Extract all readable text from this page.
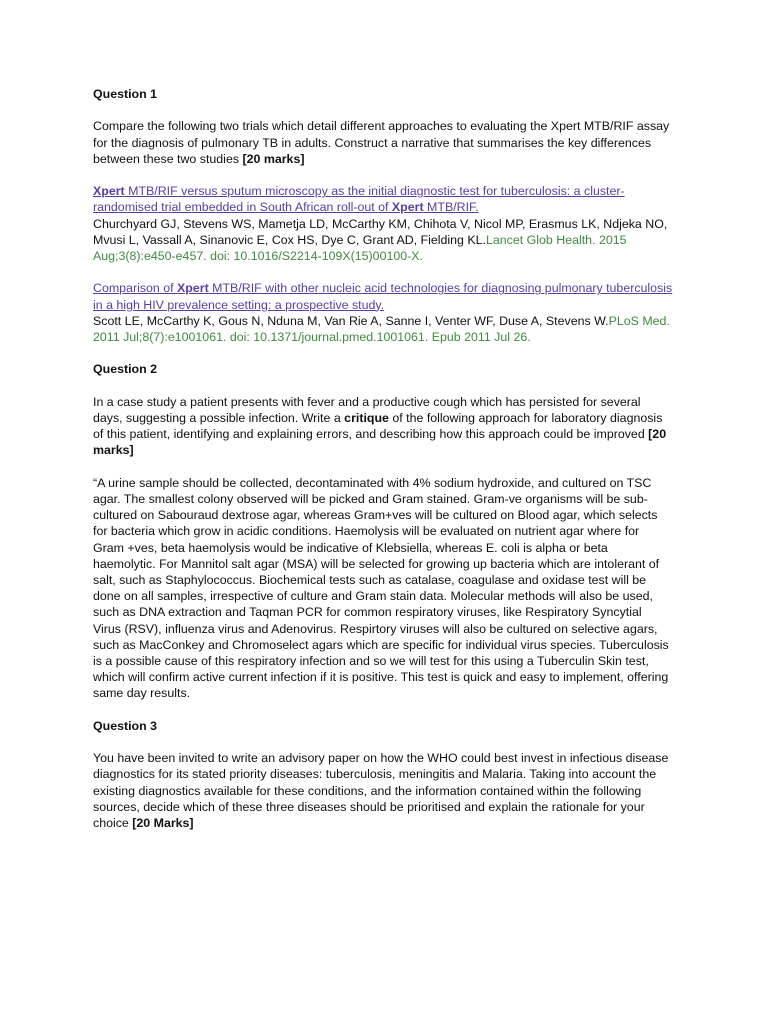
Question 1

Compare the following two trials which detail different approaches to evaluating the Xpert MTB/RIF assay for the diagnosis of pulmonary TB in adults. Construct a narrative that summarises the key differences between these two studies [20 marks]

Xpert MTB/RIF versus sputum microscopy as the initial diagnostic test for tuberculosis: a cluster-randomised trial embedded in South African roll-out of Xpert MTB/RIF.
Churchyard GJ, Stevens WS, Mametja LD, McCarthy KM, Chihota V, Nicol MP, Erasmus LK, Ndjeka NO, Mvusi L, Vassall A, Sinanovic E, Cox HS, Dye C, Grant AD, Fielding KL.Lancet Glob Health. 2015 Aug;3(8):e450-e457. doi: 10.1016/S2214-109X(15)00100-X.

Comparison of Xpert MTB/RIF with other nucleic acid technologies for diagnosing pulmonary tuberculosis in a high HIV prevalence setting: a prospective study.
Scott LE, McCarthy K, Gous N, Nduna M, Van Rie A, Sanne I, Venter WF, Duse A, Stevens W.PLoS Med. 2011 Jul;8(7):e1001061. doi: 10.1371/journal.pmed.1001061. Epub 2011 Jul 26.

Question 2

In a case study a patient presents with fever and a productive cough which has persisted for several days, suggesting a possible infection. Write a critique of the following approach for laboratory diagnosis of this patient, identifying and explaining errors, and describing how this approach could be improved [20 marks]

“A urine sample should be collected, decontaminated with 4% sodium hydroxide, and cultured on TSC agar. The smallest colony observed will be picked and Gram stained. Gram-ve organisms will be sub-cultured on Sabouraud dextrose agar, whereas Gram+ves will be cultured on Blood agar, which selects for bacteria which grow in acidic conditions. Haemolysis will be evaluated on nutrient agar where for Gram +ves, beta haemolysis would be indicative of Klebsiella, whereas E. coli is alpha or beta haemolytic. For Mannitol salt agar (MSA) will be selected for growing up bacteria which are intolerant of salt, such as Staphylococcus. Biochemical tests such as catalase, coagulase and oxidase test will be done on all samples, irrespective of culture and Gram stain data. Molecular methods will also be used, such as DNA extraction and Taqman PCR for common respiratory viruses, like Respiratory Syncytial Virus (RSV), influenza virus and Adenovirus. Respirtory viruses will also be cultured on selective agars, such as MacConkey and Chromoselect agars which are specific for individual virus species. Tuberculosis is a possible cause of this respiratory infection and so we will test for this using a Tuberculin Skin test, which will confirm active current infection if it is positive. This test is quick and easy to implement, offering same day results.

Question 3

You have been invited to write an advisory paper on how the WHO could best invest in infectious disease diagnostics for its stated priority diseases: tuberculosis, meningitis and Malaria. Taking into account the existing diagnostics available for these conditions, and the information contained within the following sources, decide which of these three diseases should be prioritised and explain the rationale for your choice [20 Marks]
